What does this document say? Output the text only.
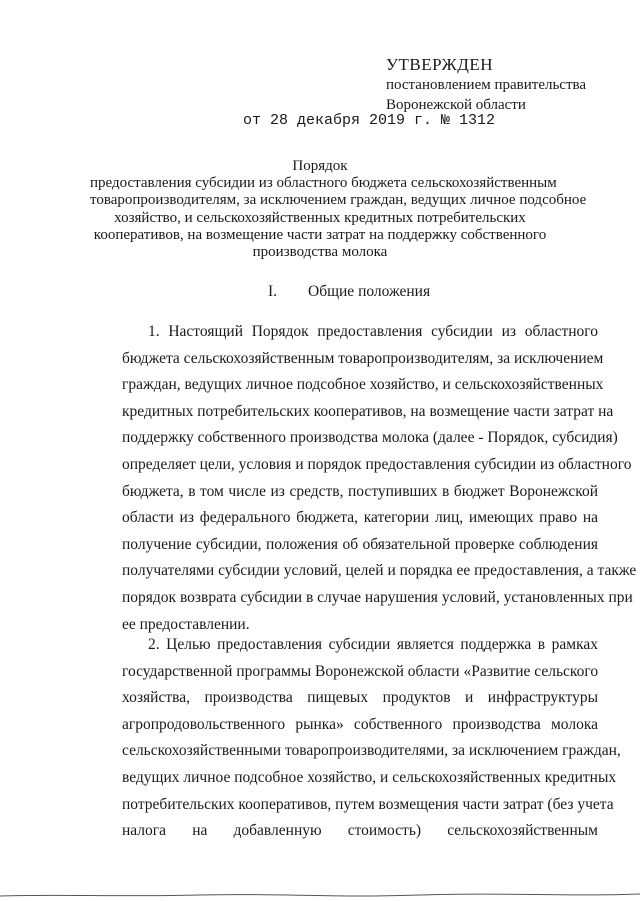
УТВЕРЖДЕН
постановлением правительства
Воронежской области
от 28 декабря 2019 г. № 1312
Порядок
предоставления субсидии из областного бюджета сельскохозяйственным
товаропроизводителям, за исключением граждан, ведущих личное подсобное
хозяйство, и сельскохозяйственных кредитных потребительских
кооперативов, на возмещение части затрат на поддержку собственного
производства молока
I. Общие положения
1. Настоящий Порядок предоставления субсидии из областного
бюджета сельскохозяйственным товаропроизводителям, за исключением
граждан, ведущих личное подсобное хозяйство, и сельскохозяйственных
кредитных потребительских кооперативов, на возмещение части затрат на
поддержку собственного производства молока (далее - Порядок, субсидия)
определяет цели, условия и порядок предоставления субсидии из областного
бюджета, в том числе из средств, поступивших в бюджет Воронежской
области из федерального бюджета, категории лиц, имеющих право на
получение субсидии, положения об обязательной проверке соблюдения
получателями субсидии условий, целей и порядка ее предоставления, а также
порядок возврата субсидии в случае нарушения условий, установленных при
ее предоставлении.
2. Целью предоставления субсидии является поддержка в рамках
государственной программы Воронежской области «Развитие сельского
хозяйства, производства пищевых продуктов и инфраструктуры
агропродовольственного рынка» собственного производства молока
сельскохозяйственными товаропроизводителями, за исключением граждан,
ведущих личное подсобное хозяйство, и сельскохозяйственных кредитных
потребительских кооперативов, путем возмещения части затрат (без учета
налога на добавленную стоимость) сельскохозяйственным
